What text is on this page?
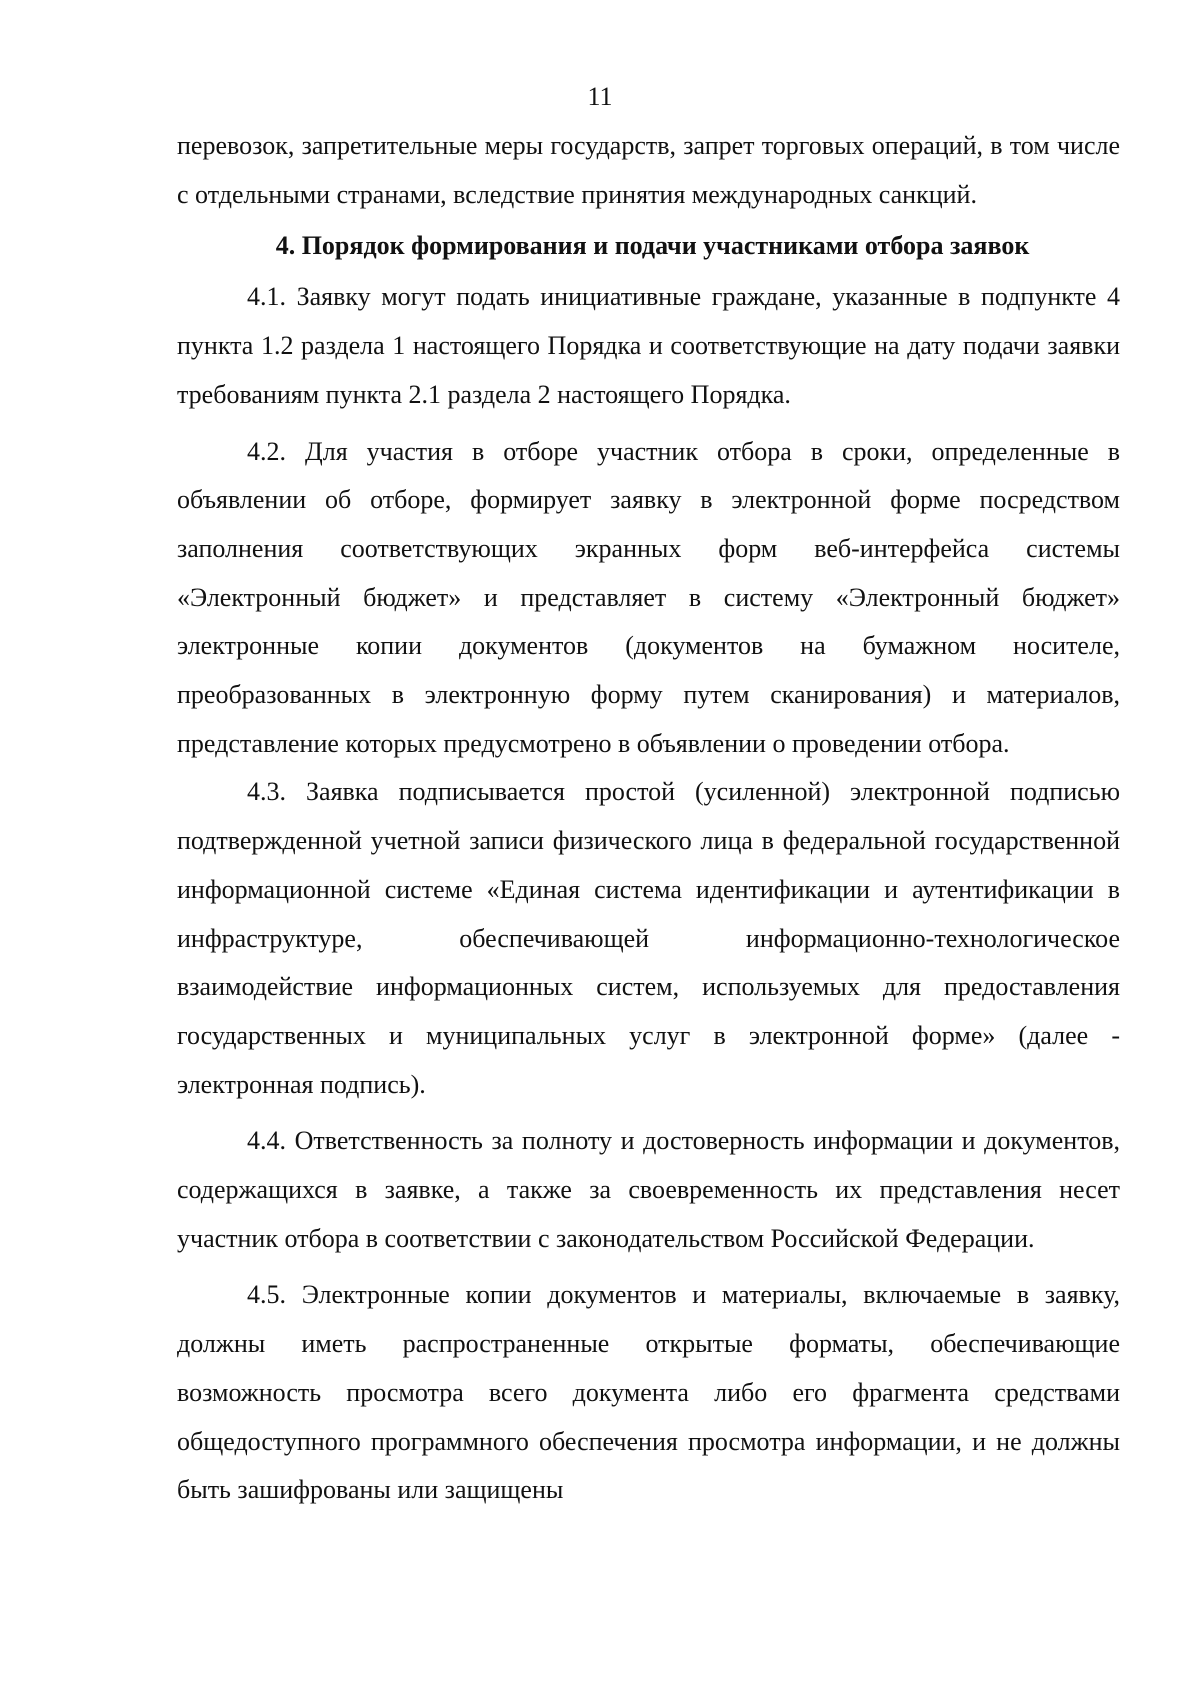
11

перевозок, запретительные меры государств, запрет торговых операций, в том числе с отдельными странами, вследствие принятия международных санкций.

4. Порядок формирования и подачи участниками отбора заявок

4.1. Заявку могут подать инициативные граждане, указанные в подпункте 4 пункта 1.2 раздела 1 настоящего Порядка и соответствующие на дату подачи заявки требованиям пункта 2.1 раздела 2 настоящего Порядка.

4.2. Для участия в отборе участник отбора в сроки, определенные в объявлении об отборе, формирует заявку в электронной форме посредством заполнения соответствующих экранных форм веб-интерфейса системы «Электронный бюджет» и представляет в систему «Электронный бюджет» электронные копии документов (документов на бумажном носителе, преобразованных в электронную форму путем сканирования) и материалов, представление которых предусмотрено в объявлении о проведении отбора.

4.3. Заявка подписывается простой (усиленной) электронной подписью подтвержденной учетной записи физического лица в федеральной государственной информационной системе «Единая система идентификации и аутентификации в инфраструктуре, обеспечивающей информационно-технологическое взаимодействие информационных систем, используемых для предоставления государственных и муниципальных услуг в электронной форме» (далее - электронная подпись).

4.4. Ответственность за полноту и достоверность информации и документов, содержащихся в заявке, а также за своевременность их представления несет участник отбора в соответствии с законодательством Российской Федерации.

4.5. Электронные копии документов и материалы, включаемые в заявку, должны иметь распространенные открытые форматы, обеспечивающие возможность просмотра всего документа либо его фрагмента средствами общедоступного программного обеспечения просмотра информации, и не должны быть зашифрованы или защищены
